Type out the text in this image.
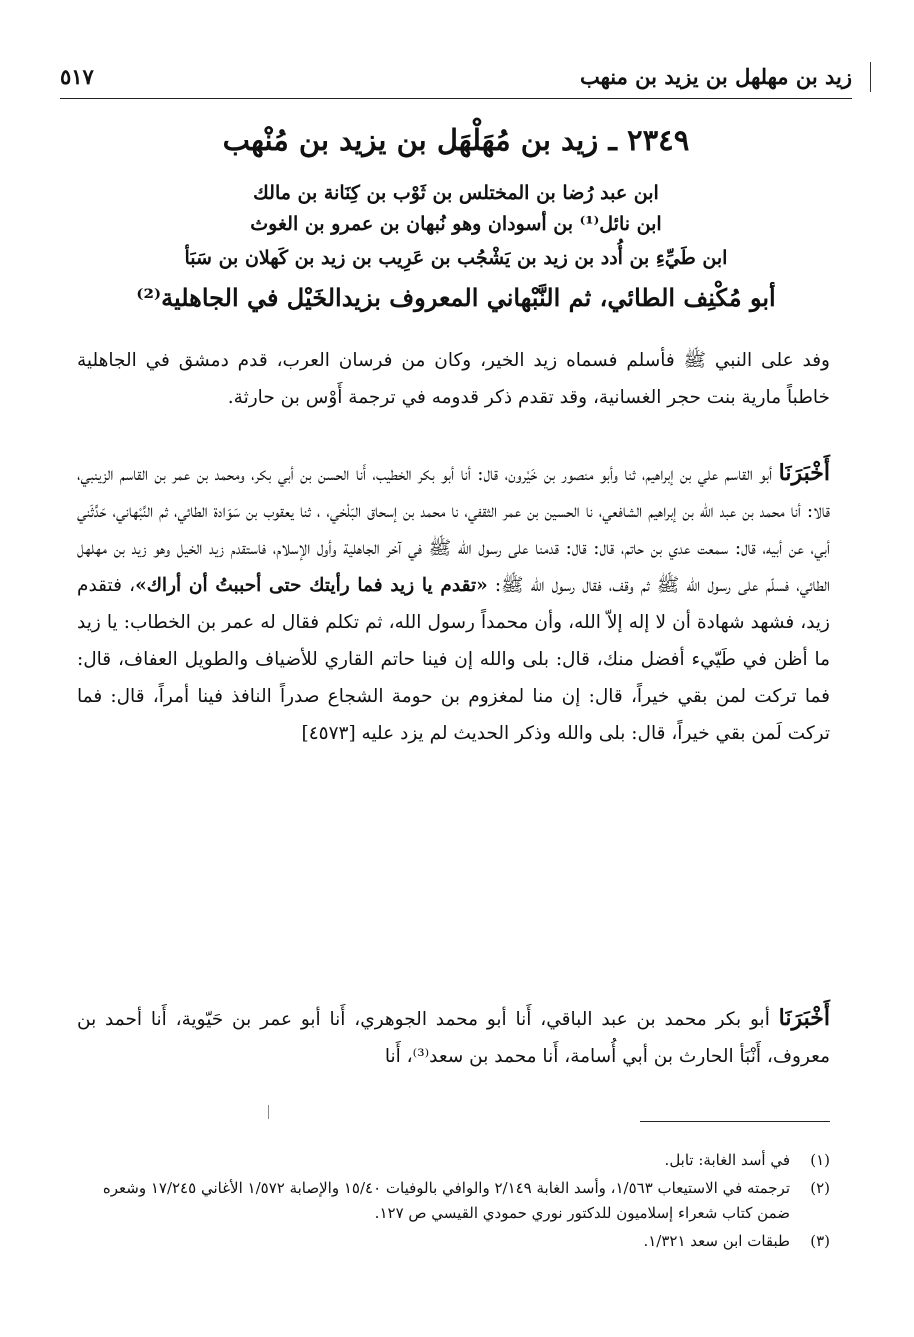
زيد بن مهلهل بن يزيد بن منهب
٥١٧
٢٣٤٩ ـ زيد بن مُهَلْهَل بن يزيد بن مُنْهب
ابن عبد رُضا بن المختلس بن ثَوْب بن كِنَانة بن مالك
ابن نائل⁽¹⁾ بن أسودان وهو نُبهان بن عمرو بن الغوث
ابن طَيِّءِ بن أُدد بن زيد بن يَشْجُب بن عَرِيب بن زيد بن كَهلان بن سَبَأ
أبو مُكْنِف الطائي، ثم النَّبْهاني المعروف بزيدالخَيْل في الجاهلية⁽²⁾
وفد على النبي ﷺ فأسلم فسماه زيد الخير، وكان من فرسان العرب، قدم دمشق في الجاهلية خاطباً مارية بنت حجر الغسانية، وقد تقدم ذكر قدومه في ترجمة أَوْس بن حارثة.
أَخْبَرَنَا أبو القاسم علي بن إبراهيم، ثنا وأبو منصور بن خَيْرون، قال: أنا أبو بكر الخطيب، أَنا الحسن بن أبي بكر، ومحمد بن عمر بن القاسم الزينبي، قالا: أنا محمد بن عبد الله بن إبراهيم الشافعي، نا الحسين بن عمر الثقفي، نا محمد بن إسحاق البَلْخي، ، ثنا يعقوب بن سَوَادة الطائي، ثم النَّبْهاني، حَدَّثَني أبي، عن أبيه، قال: سمعت عدي بن حاتم، قال: قال: قدمنا على رسول الله ﷺ في آخر الجاهلية وأول الإسلام، فاستقدم زيد الخيل وهو زيد بن مهلهل الطائي، فسلّم على رسول الله ﷺ ثم وقف، فقال رسول الله ﷺ: «تقدم يا زيد فما رأيتك حتى أحببتُ أن أراك»، فتقدم زيد، فشهد شهادة أن لا إله إلاّ الله، وأن محمداً رسول الله، ثم تكلم فقال له عمر بن الخطاب: يا زيد ما أظن في طَيّيء أفضل منك، قال: بلى والله إن فينا حاتم القاري للأضياف والطويل العفاف، قال: فما تركت لمن بقي خيراً، قال: إن منا لمغزوم بن حومة الشجاع صدراً النافذ فينا أمراً، قال: فما تركت لَمن بقي خيراً، قال: بلى والله وذكر الحديث لم يزد عليه [٤٥٧٣]
أَخْبَرَنَا أبو بكر محمد بن عبد الباقي، أَنا أبو محمد الجوهري، أَنا أبو عمر بن حَيّوية، أَنا أحمد بن معروف، أَنْبَأ الحارث بن أبي أُسامة، أَنا محمد بن سعد⁽³⁾، أَنا
(١)
في أسد الغابة: تابل.
(٢)
ترجمته في الاستيعاب ١/٥٦٣، وأسد الغابة ٢/١٤٩ والوافي بالوفيات ١٥/٤٠ والإصابة ١/٥٧٢ الأغاني ١٧/٢٤٥ وشعره ضمن كتاب شعراء إسلاميون للدكتور نوري حمودي القيسي ص ١٢٧.
(٣)
طبقات ابن سعد ١/٣٢١.
